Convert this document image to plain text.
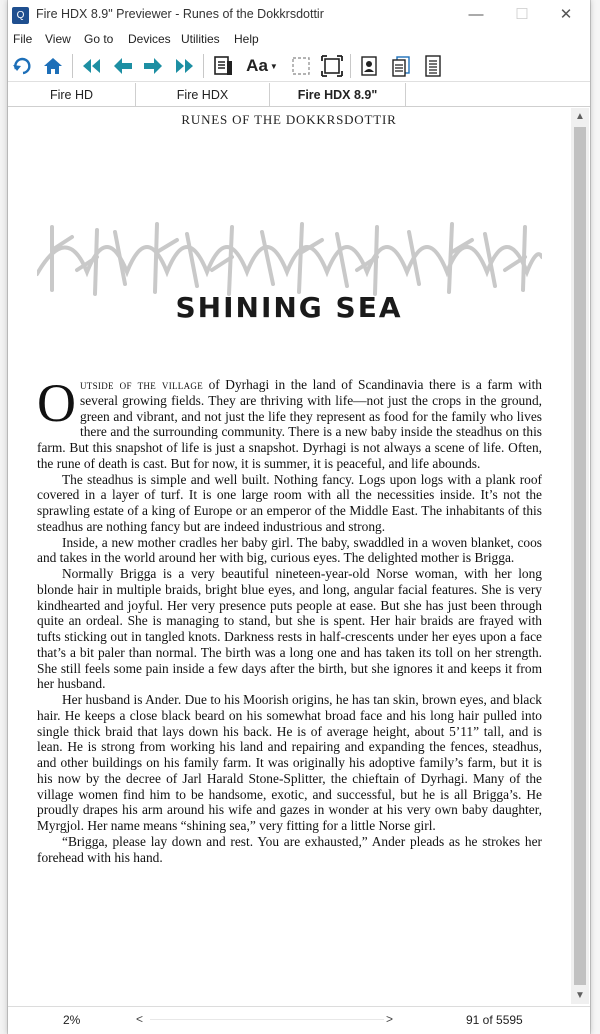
Q Fire HDX 8.9" Previewer - Runes of the Dokkrsdottir	—	☐	✕
File View Go to Devices Utilities Help
Aa ▼
Fire HD	Fire HDX	Fire HDX 8.9"
RUNES OF THE DOKKRSDOTTIR
SHINING SEA

Outside of the village of Dyrhagi in the land of Scandinavia there is a farm with several growing fields. They are thriving with life—not just the crops in the ground, green and vibrant, and not just the life they represent as food for the family who lives there and the surrounding community. There is a new baby inside the steadhus on this farm. But this snapshot of life is just a snapshot. Dyrhagi is not always a scene of life. Often, the rune of death is cast. But for now, it is summer, it is peaceful, and life abounds.

The steadhus is simple and well built. Nothing fancy. Logs upon logs with a plank roof covered in a layer of turf. It is one large room with all the necessities inside. It’s not the sprawling estate of a king of Europe or an emperor of the Middle East. The inhabitants of this steadhus are nothing fancy but are indeed industrious and strong.

Inside, a new mother cradles her baby girl. The baby, swaddled in a woven blanket, coos and takes in the world around her with big, curious eyes. The delighted mother is Brigga.

Normally Brigga is a very beautiful nineteen-year-old Norse woman, with her long blonde hair in multiple braids, bright blue eyes, and long, angular facial features. She is very kindhearted and joyful. Her very presence puts people at ease. But she has just been through quite an ordeal. She is managing to stand, but she is spent. Her hair braids are frayed with tufts sticking out in tangled knots. Darkness rests in half-crescents under her eyes upon a face that’s a bit paler than normal. The birth was a long one and has taken its toll on her strength. She still feels some pain inside a few days after the birth, but she ignores it and keeps it from her husband.

Her husband is Ander. Due to his Moorish origins, he has tan skin, brown eyes, and black hair. He keeps a close black beard on his somewhat broad face and his long hair pulled into single thick braid that lays down his back. He is of average height, about 5’11” tall, and is lean. He is strong from working his land and repairing and expanding the fences, steadhus, and other buildings on his family farm. It was originally his adoptive family’s farm, but it is his now by the decree of Jarl Harald Stone-Splitter, the chieftain of Dyrhagi. Many of the village women find him to be handsome, exotic, and successful, but he is all Brigga’s. He proudly drapes his arm around his wife and gazes in wonder at his very own baby daughter, Myrgjol. Her name means “shining sea,” very fitting for a little Norse girl.

“Brigga, please lay down and rest. You are exhausted,” Ander pleads as he strokes her forehead with his hand.

▲
▼
2%	<	>	91 of 5595
